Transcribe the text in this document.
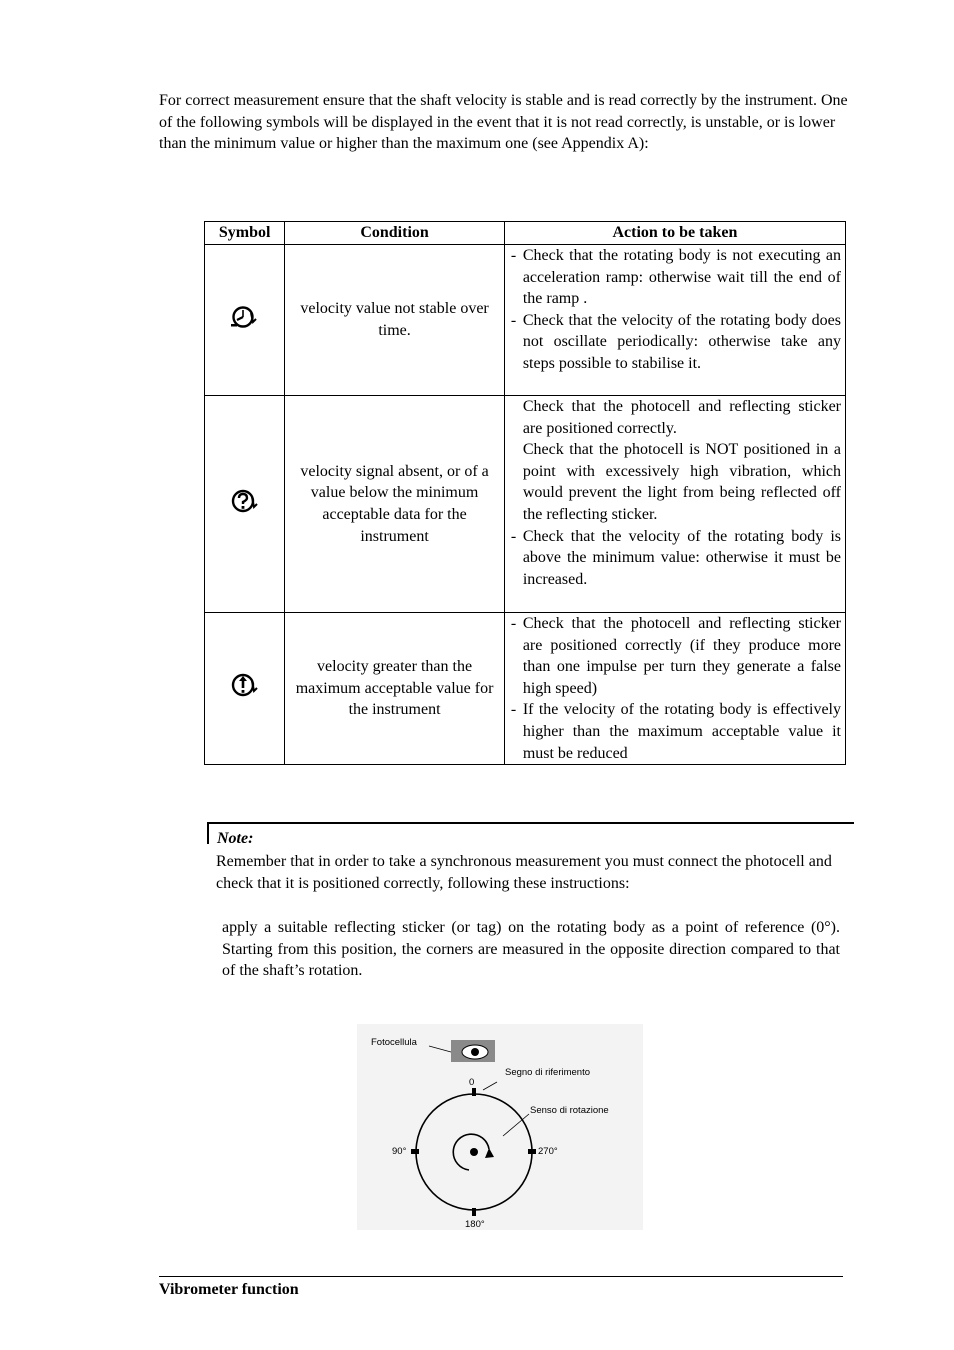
For correct measurement ensure that the shaft velocity is stable and is read correctly by the instrument. One of the following symbols will be displayed in the event that it is not read correctly, is unstable, or is lower than the minimum value or higher than the maximum one (see Appendix A):
Symbol	Condition	Action to be taken
	velocity value not stable over time.	- Check that the rotating body is not executing an acceleration ramp: otherwise wait till the end of the ramp .
- Check that the velocity of the rotating body does not oscillate periodically: otherwise take any steps possible to stabilise it.

	velocity signal absent, or of a value below the minimum acceptable data for the instrument	Check that the photocell and reflecting sticker are positioned correctly.
Check that the photocell is NOT positioned in a point with excessively high vibration, which would prevent the light from being reflected off the reflecting sticker.
- Check that the velocity of the rotating body is above the minimum value: otherwise it must be increased.

	velocity greater than the maximum acceptable value for the instrument	- Check that the photocell and reflecting sticker are positioned correctly (if they produce more than one impulse per turn they generate a false high speed)
- If the velocity of the rotating body is effectively higher than the maximum acceptable value it must be reduced
Note:
Remember that in order to take a synchronous measurement you must connect the photocell and check that it is positioned correctly, following these instructions:
apply a suitable reflecting sticker (or tag) on the rotating body as a point of reference (0°). Starting from this position, the corners are measured in the opposite direction compared to that of the shaft’s rotation.
Fotocellula
Segno di riferimento
Senso di rotazione
0
90°	270°
180°
Vibrometer function
